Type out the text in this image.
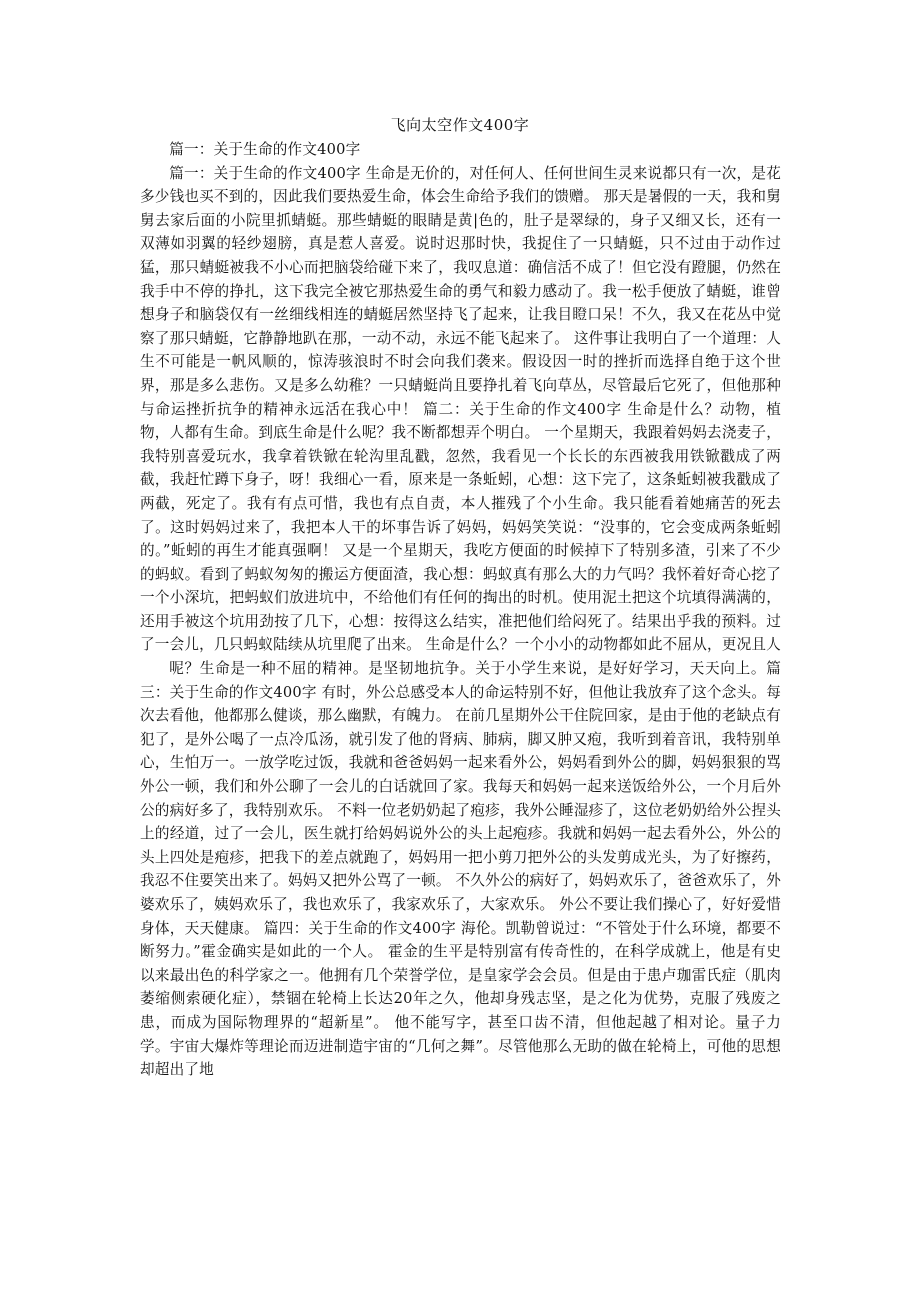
飞向太空作文400字

篇一：关于生命的作文400字

篇一：关于生命的作文400字 生命是无价的，对任何人、任何世间生灵来说都只有一次，是花多少钱也买不到的，因此我们要热爱生命，体会生命给予我们的馈赠。 那天是暑假的一天，我和舅舅去家后面的小院里抓蜻蜓。那些蜻蜓的眼睛是黄|色的，肚子是翠绿的，身子又细又长，还有一双薄如羽翼的轻纱翅膀，真是惹人喜爱。说时迟那时快，我捉住了一只蜻蜓，只不过由于动作过猛，那只蜻蜓被我不小心而把脑袋给碰下来了，我叹息道：确信活不成了！但它没有蹬腿，仍然在我手中不停的挣扎，这下我完全被它那热爱生命的勇气和毅力感动了。我一松手便放了蜻蜓，谁曾想身子和脑袋仅有一丝细线相连的蜻蜓居然坚持飞了起来，让我目瞪口呆！不久，我又在花丛中觉察了那只蜻蜓，它静静地趴在那，一动不动，永远不能飞起来了。 这件事让我明白了一个道理：人生不可能是一帆风顺的，惊涛骇浪时不时会向我们袭来。假设因一时的挫折而选择自绝于这个世界，那是多么悲伤。又是多么幼稚？一只蜻蜓尚且要挣扎着飞向草丛，尽管最后它死了，但他那种与命运挫折抗争的精神永远活在我心中！ 篇二：关于生命的作文400字 生命是什么？动物，植物，人都有生命。到底生命是什么呢？我不断都想弄个明白。 一个星期天，我跟着妈妈去浇麦子，我特别喜爱玩水，我拿着铁锨在轮沟里乱戳，忽然，我看见一个长长的东西被我用铁锨戳成了两截，我赶忙蹲下身子，呀！我细心一看，原来是一条蚯蚓，心想：这下完了，这条蚯蚓被我戳成了两截，死定了。我有有点可惜，我也有点自责，本人摧残了个小生命。我只能看着她痛苦的死去了。这时妈妈过来了，我把本人干的坏事告诉了妈妈，妈妈笑笑说：“没事的，它会变成两条蚯蚓的。”蚯蚓的再生才能真强啊！ 又是一个星期天，我吃方便面的时候掉下了特别多渣，引来了不少的蚂蚁。看到了蚂蚁匆匆的搬运方便面渣，我心想：蚂蚁真有那么大的力气吗？我怀着好奇心挖了一个小深坑，把蚂蚁们放进坑中，不给他们有任何的掏出的时机。使用泥土把这个坑填得满满的，还用手被这个坑用劲按了几下，心想：按得这么结实，准把他们给闷死了。结果出乎我的预料。过了一会儿，几只蚂蚁陆续从坑里爬了出来。 生命是什么？一个小小的动物都如此不屈从，更况且人

呢？生命是一种不屈的精神。是坚韧地抗争。关于小学生来说，是好好学习，天天向上。篇三：关于生命的作文400字 有时，外公总感受本人的命运特别不好，但他让我放弃了这个念头。每次去看他，他都那么健谈，那么幽默，有魄力。 在前几星期外公干住院回家，是由于他的老缺点有犯了，是外公喝了一点冷瓜汤，就引发了他的肾病、肺病，脚又肿又疱，我听到着音讯，我特别单心，生怕万一。一放学吃过饭，我就和爸爸妈妈一起来看外公，妈妈看到外公的脚，妈妈狠狠的骂外公一顿，我们和外公聊了一会儿的白话就回了家。我每天和妈妈一起来送饭给外公，一个月后外公的病好多了，我特别欢乐。 不料一位老奶奶起了疱疹，我外公睡湿疹了，这位老奶奶给外公捏头上的经道，过了一会儿，医生就打给妈妈说外公的头上起疱疹。我就和妈妈一起去看外公，外公的头上四处是疱疹，把我下的差点就跑了，妈妈用一把小剪刀把外公的头发剪成光头，为了好擦药，我忍不住要笑出来了。妈妈又把外公骂了一顿。 不久外公的病好了，妈妈欢乐了，爸爸欢乐了，外婆欢乐了，姨妈欢乐了，我也欢乐了，我家欢乐了，大家欢乐。 外公不要让我们操心了，好好爱惜身体，天天健康。 篇四：关于生命的作文400字 海伦。凯勒曾说过：“不管处于什么环境，都要不断努力。”霍金确实是如此的一个人。 霍金的生平是特别富有传奇性的，在科学成就上，他是有史以来最出色的科学家之一。他拥有几个荣誉学位，是皇家学会会员。但是由于患卢珈雷氏症（肌肉萎缩侧索硬化症），禁锢在轮椅上长达20年之久，他却身残志坚，是之化为优势，克服了残废之患，而成为国际物理界的“超新星”。 他不能写字，甚至口齿不清，但他起越了相对论。量子力学。宇宙大爆炸等理论而迈进制造宇宙的“几何之舞”。尽管他那么无助的做在轮椅上，可他的思想却超出了地
